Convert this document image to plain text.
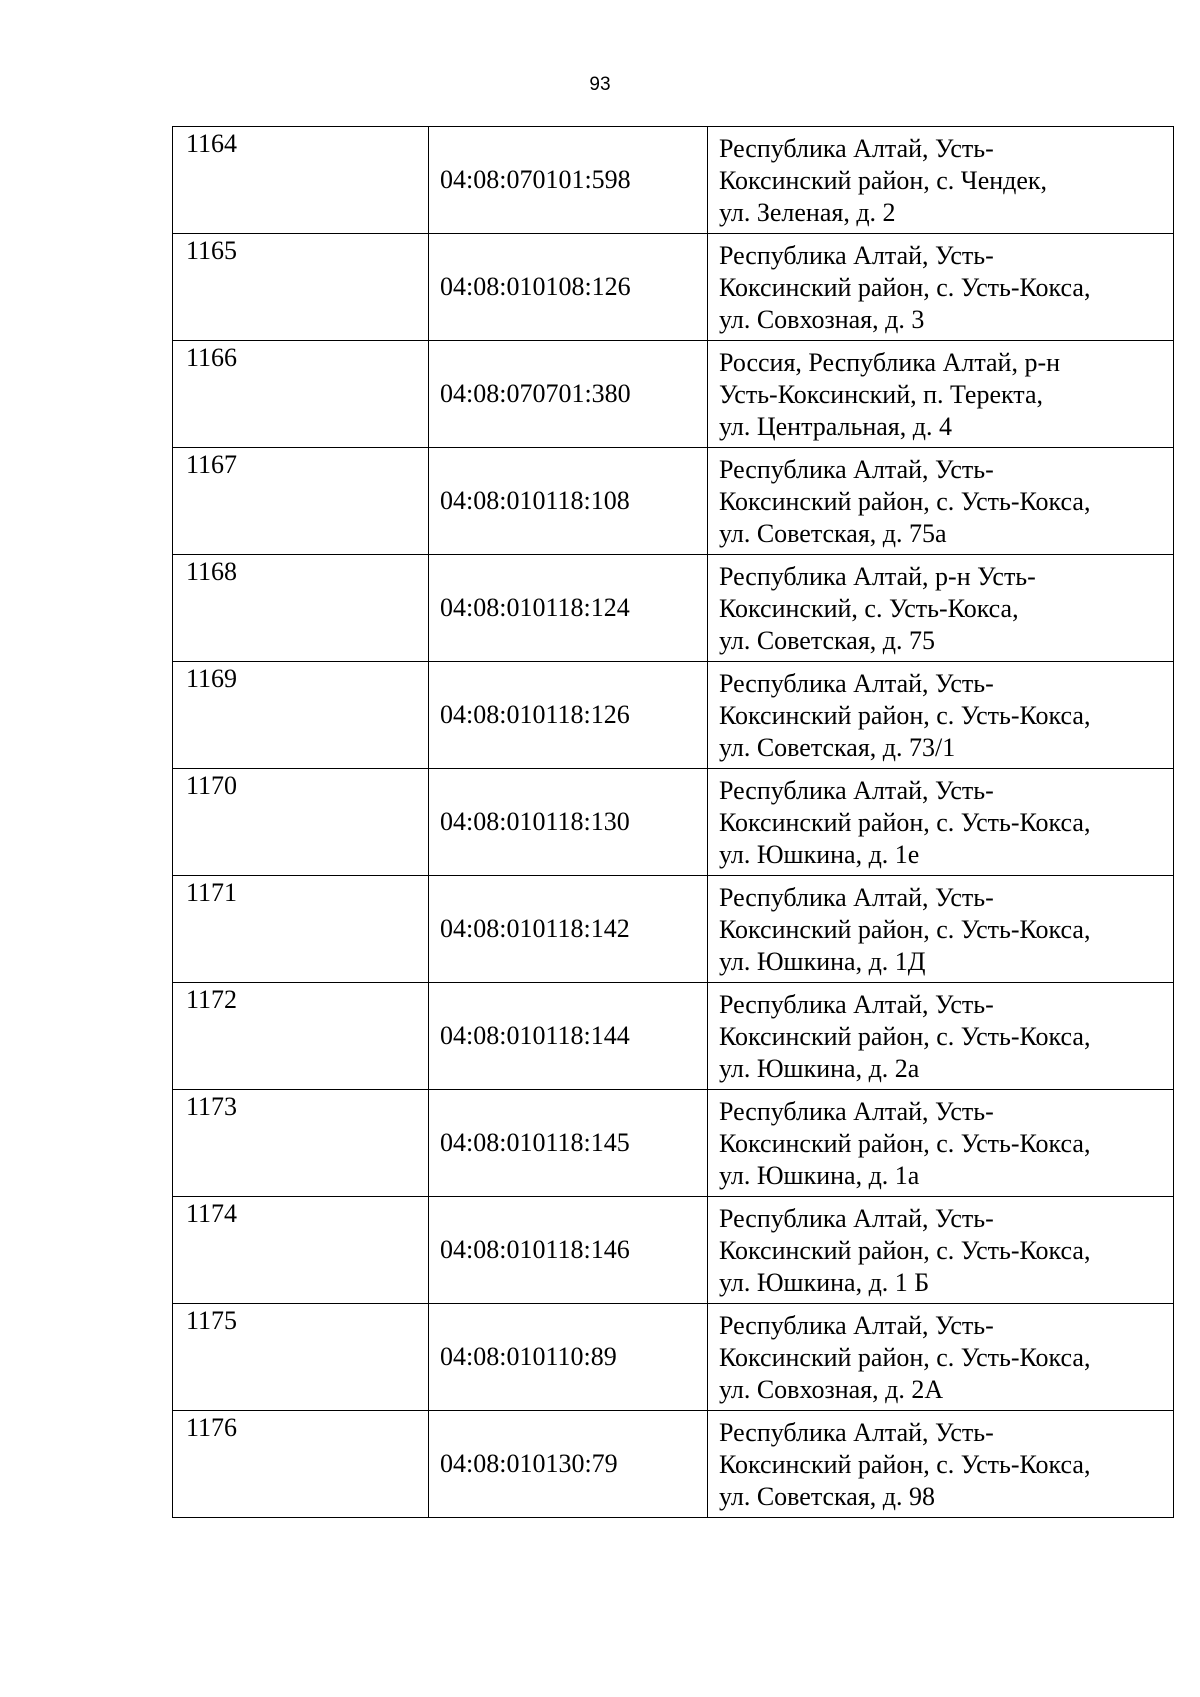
93
1164	04:08:070101:598	Республика Алтай, Усть-
Коксинский район, с. Чендек,
ул. Зеленая, д. 2

1165	04:08:010108:126	Республика Алтай, Усть-
Коксинский район, с. Усть-Кокса,
ул. Совхозная, д. 3

1166	04:08:070701:380	Россия, Республика Алтай, р-н
Усть-Коксинский, п. Теректа,
ул. Центральная, д. 4

1167	04:08:010118:108	Республика Алтай, Усть-
Коксинский район, с. Усть-Кокса,
ул. Советская, д. 75а

1168	04:08:010118:124	Республика Алтай, р-н Усть-
Коксинский, с. Усть-Кокса,
ул. Советская, д. 75

1169	04:08:010118:126	Республика Алтай, Усть-
Коксинский район, с. Усть-Кокса,
ул. Советская, д. 73/1

1170	04:08:010118:130	Республика Алтай, Усть-
Коксинский район, с. Усть-Кокса,
ул. Юшкина, д. 1е

1171	04:08:010118:142	Республика Алтай, Усть-
Коксинский район, с. Усть-Кокса,
ул. Юшкина, д. 1Д

1172	04:08:010118:144	Республика Алтай, Усть-
Коксинский район, с. Усть-Кокса,
ул. Юшкина, д. 2а

1173	04:08:010118:145	Республика Алтай, Усть-
Коксинский район, с. Усть-Кокса,
ул. Юшкина, д. 1а

1174	04:08:010118:146	Республика Алтай, Усть-
Коксинский район, с. Усть-Кокса,
ул. Юшкина, д. 1 Б

1175	04:08:010110:89	Республика Алтай, Усть-
Коксинский район, с. Усть-Кокса,
ул. Совхозная, д. 2А

1176	04:08:010130:79	Республика Алтай, Усть-
Коксинский район, с. Усть-Кокса,
ул. Советская, д. 98
